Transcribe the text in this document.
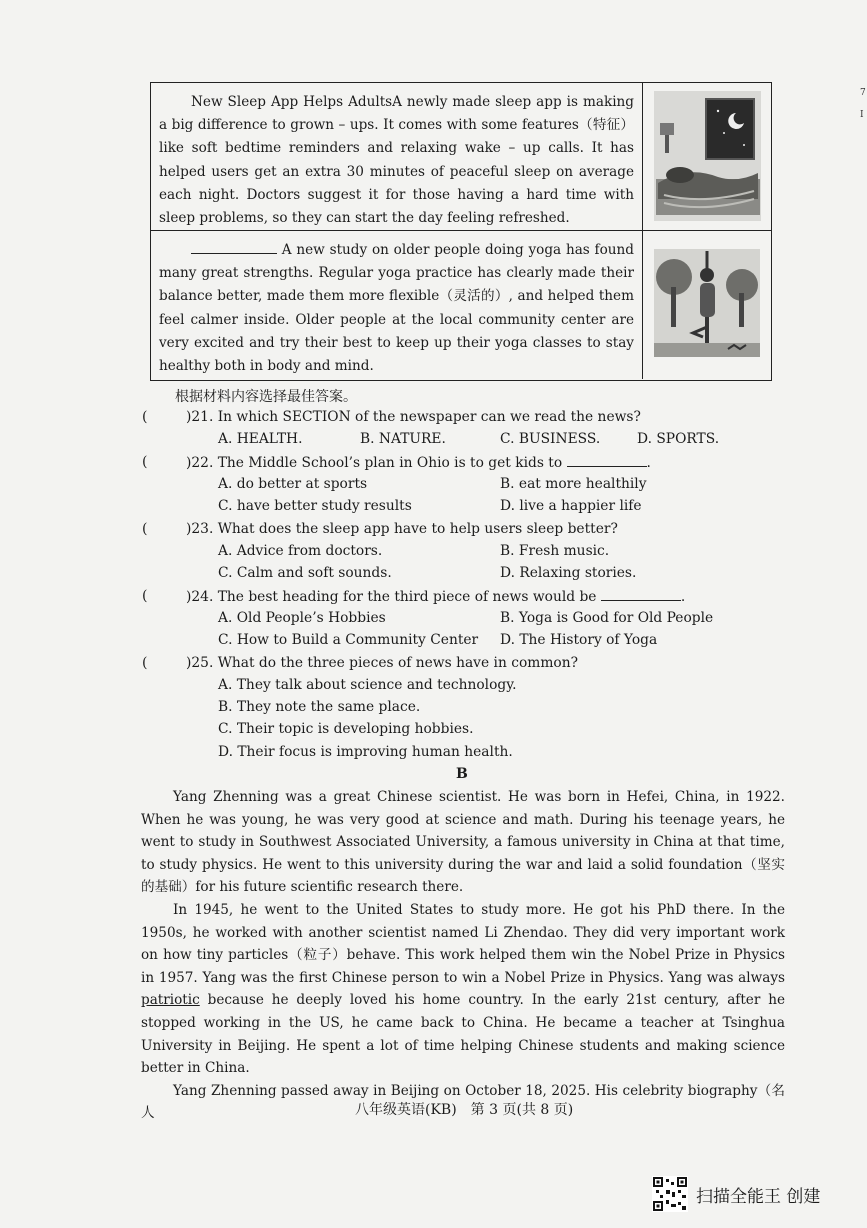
New Sleep App Helps AdultsA newly made sleep app is making a big difference to grown – ups. It comes with some features（特征）like soft bedtime reminders and relaxing wake – up calls. It has helped users get an extra 30 minutes of peaceful sleep on average each night. Doctors suggest it for those having a hard time with sleep problems, so they can start the day feeling refreshed.
A new study on older people doing yoga has found many great strengths. Regular yoga practice has clearly made their balance better, made them more flexible（灵活的）, and helped them feel calmer inside. Older people at the local community center are very excited and try their best to keep up their yoga classes to stay healthy both in body and mind.
根据材料内容选择最佳答案。
(	)21. In which SECTION of the newspaper can we read the news?
A. HEALTH.	B. NATURE.	C. BUSINESS.	D. SPORTS.
(	)22. The Middle School’s plan in Ohio is to get kids to	.
A. do better at sports	B. eat more healthily
C. have better study results	D. live a happier life
(	)23. What does the sleep app have to help users sleep better?
A. Advice from doctors.	B. Fresh music.
C. Calm and soft sounds.	D. Relaxing stories.
(	)24. The best heading for the third piece of news would be	.
A. Old People’s Hobbies	B. Yoga is Good for Old People
C. How to Build a Community Center D. The History of Yoga
(	)25. What do the three pieces of news have in common?
A. They talk about science and technology.
B. They note the same place.
C. Their topic is developing hobbies.
D. Their focus is improving human health.
B

Yang Zhenning was a great Chinese scientist. He was born in Hefei, China, in 1922. When he was young, he was very good at science and math. During his teenage years, he went to study in Southwest Associated University, a famous university in China at that time, to study physics. He went to this university during the war and laid a solid foundation（坚实的基础）for his future scientific research there.

In 1945, he went to the United States to study more. He got his PhD there. In the 1950s, he worked with another scientist named Li Zhendao. They did very important work on how tiny particles（粒子）behave. This work helped them win the Nobel Prize in Physics in 1957. Yang was the first Chinese person to win a Nobel Prize in Physics. Yang was always patriotic because he deeply loved his home country. In the early 21st century, after he stopped working in the US, he came back to China. He became a teacher at Tsinghua University in Beijing. He spent a lot of time helping Chinese students and making science better in China.

Yang Zhenning passed away in Beijing on October 18, 2025. His celebrity biography（名人	八年级英语(KB)　第 3 页(共 8 页)
扫描全能王 创建
7
I
